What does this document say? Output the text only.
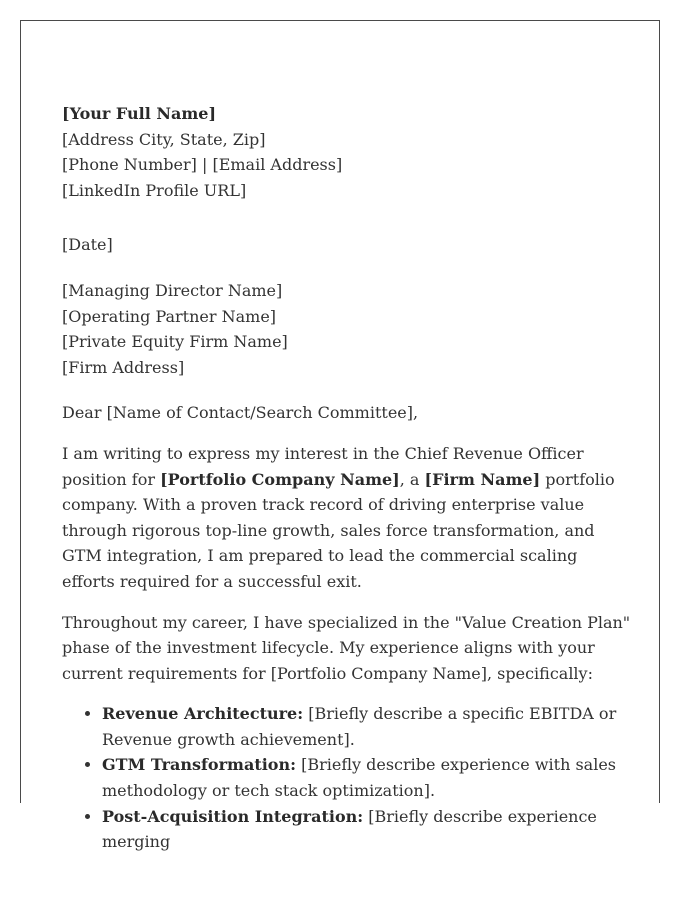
[Your Full Name]
[Address City, State, Zip]
[Phone Number] | [Email Address]
[LinkedIn Profile URL]
[Date]
[Managing Director Name]
[Operating Partner Name]
[Private Equity Firm Name]
[Firm Address]

Dear [Name of Contact/Search Committee],

I am writing to express my interest in the Chief Revenue Officer position for [Portfolio Company Name], a [Firm Name] portfolio company. With a proven track record of driving enterprise value through rigorous top-line growth, sales force transformation, and GTM integration, I am prepared to lead the commercial scaling efforts required for a successful exit.

Throughout my career, I have specialized in the "Value Creation Plan" phase of the investment lifecycle. My experience aligns with your current requirements for [Portfolio Company Name], specifically:

• Revenue Architecture: [Briefly describe a specific EBITDA or Revenue growth achievement].
• GTM Transformation: [Briefly describe experience with sales methodology or tech stack optimization].
• Post-Acquisition Integration: [Briefly describe experience merging
